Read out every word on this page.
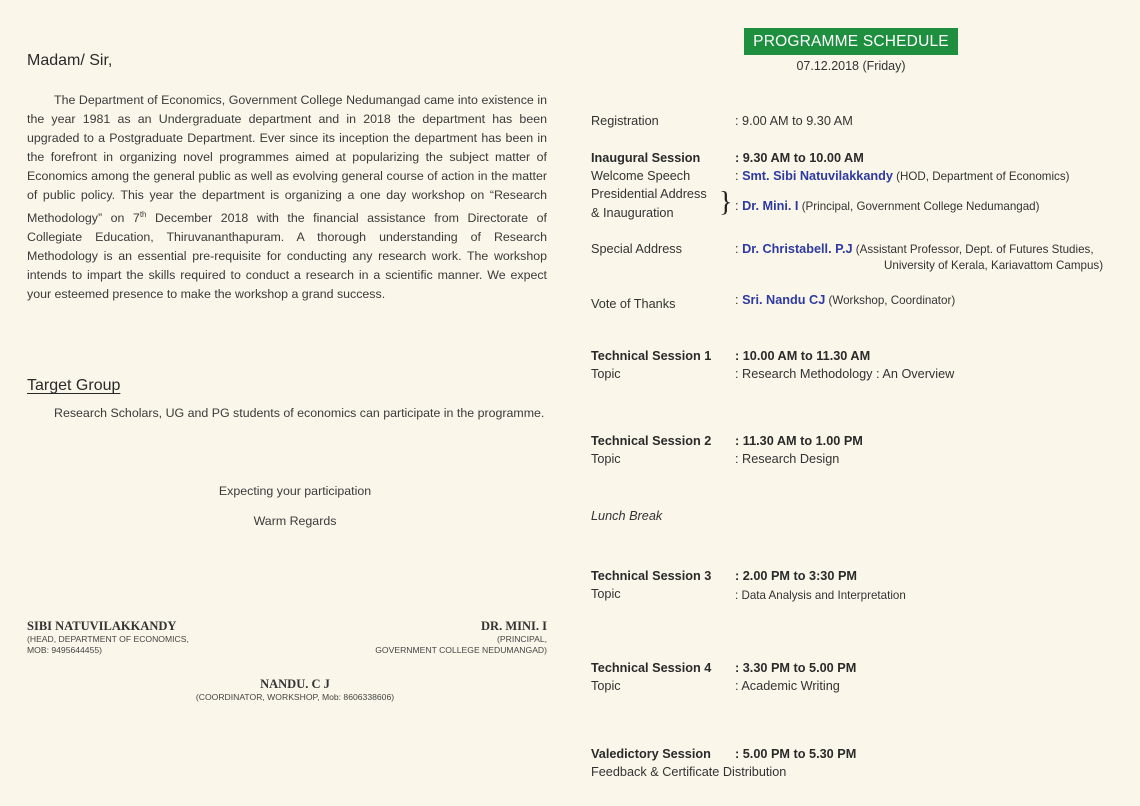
Madam/ Sir,
The Department of Economics, Government College Nedumangad came into existence in the year 1981 as an Undergraduate department and in 2018 the department has been upgraded to a Postgraduate Department. Ever since its inception the department has been in the forefront in organizing novel programmes aimed at popularizing the subject matter of Economics among the general public as well as evolving general course of action in the matter of public policy. This year the department is organizing a one day workshop on “Research Methodology” on 7th December 2018 with the financial assistance from Directorate of Collegiate Education, Thiruvananthapuram. A thorough understanding of Research Methodology is an essential pre-requisite for conducting any research work. The workshop intends to impart the skills required to conduct a research in a scientific manner. We expect your esteemed presence to make the workshop a grand success.
Target Group
Research Scholars, UG and PG students of economics can participate in the programme.
Expecting your participation
Warm Regards
SIBI NATUVILAKKANDY
(HEAD, DEPARTMENT OF ECONOMICS,
MOB: 9495644455)
DR. MINI. I
(PRINCIPAL,
GOVERNMENT COLLEGE NEDUMANGAD)
NANDU. C J
(COORDINATOR, WORKSHOP, Mob: 8606338606)
PROGRAMME SCHEDULE
07.12.2018 (Friday)
Registration	: 9.00 AM to 9.30 AM
Inaugural Session	: 9.30 AM to 10.00 AM
Welcome Speech	: Smt. Sibi Natuvilakkandy (HOD, Department of Economics)
Presidential Address
& Inauguration } : Dr. Mini. I (Principal, Government College Nedumangad)
Special Address	: Dr. Christabell. P.J (Assistant Professor, Dept. of Futures Studies,
University of Kerala, Kariavattom Campus)
Vote of Thanks	: Sri. Nandu CJ (Workshop, Coordinator)
Technical Session 1 : 10.00 AM to 11.30 AM
Topic	: Research Methodology : An Overview
Technical Session 2 : 11.30 AM to 1.00 PM
Topic	: Research Design
Lunch Break
Technical Session 3 : 2.00 PM to 3:30 PM
Topic	: Data Analysis and Interpretation
Technical Session 4 : 3.30 PM to 5.00 PM
Topic	: Academic Writing
Valedictory Session : 5.00 PM to 5.30 PM
Feedback & Certificate Distribution
